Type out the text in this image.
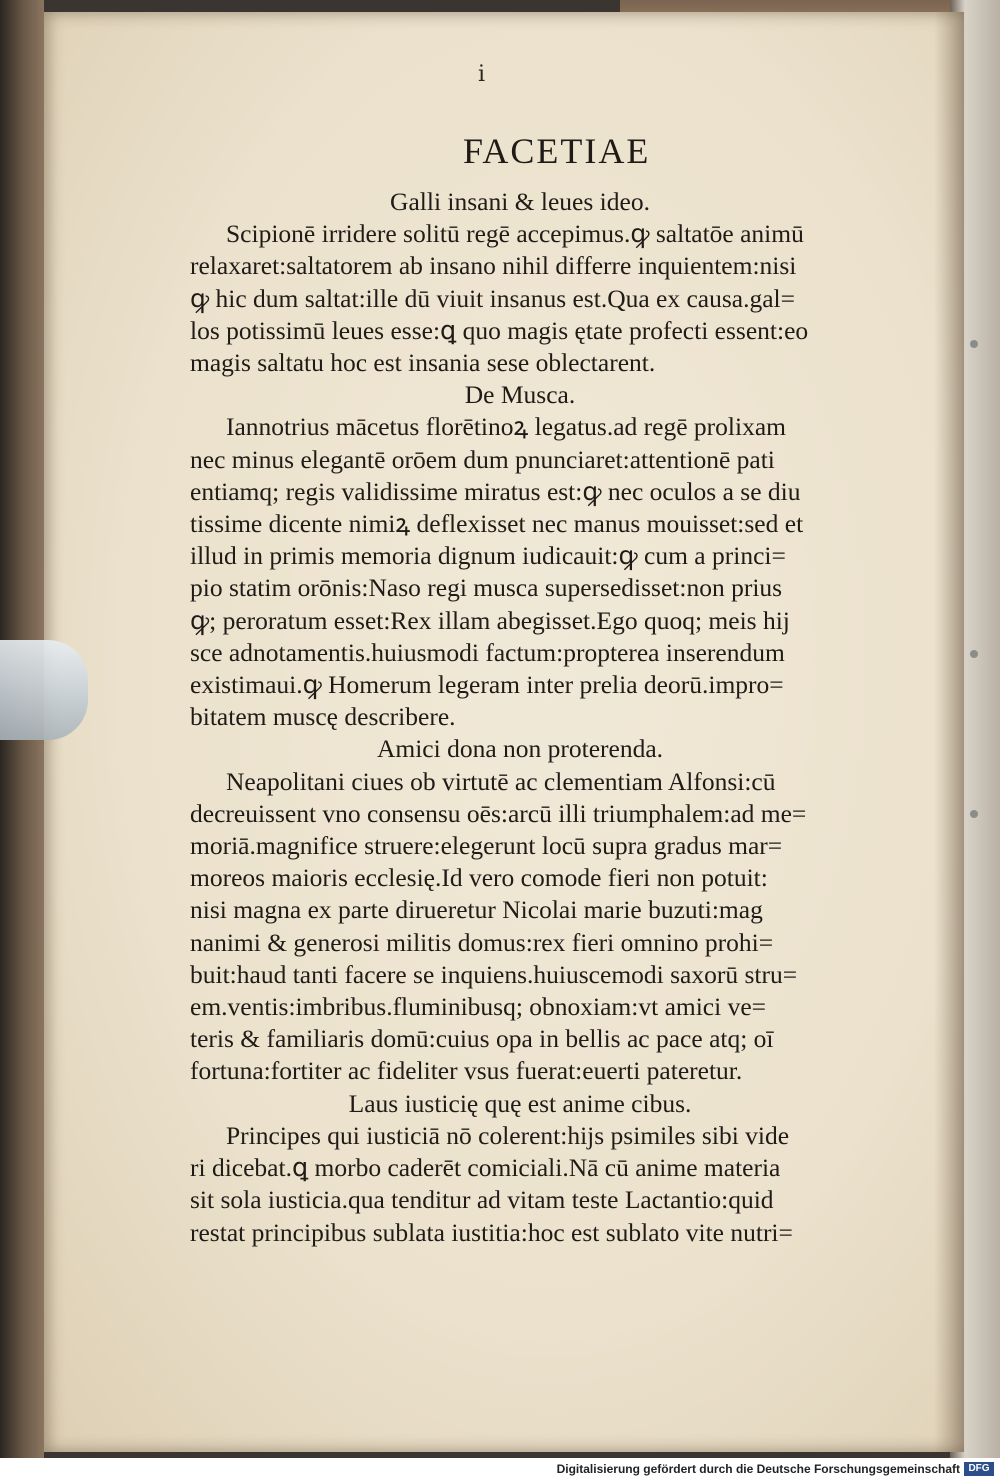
i
FACETIAE
Galli insani & leues ideo.
Scipionē irridere solitū regē accepimus.ꝙ saltatōe animū
relaxaret:saltatorem ab insano nihil differre inquientem:nisi
ꝙ hic dum saltat:ille dū viuit insanus est.Qua ex causa.gal=
los potissimū leues esse:ꝗ quo magis ętate profecti essent:eo
magis saltatu hoc est insania sese oblectarent.
De Musca.
Iannotrius mācetus florētinoꝝ legatus.ad regē prolixam
nec minus elegantē orōem dum pnunciaret:attentionē pati
entiamq; regis validissime miratus est:ꝙ nec oculos a se diu
tissime dicente nimiꝝ deflexisset nec manus mouisset:sed et
illud in primis memoria dignum iudicauit:ꝙ cum a princi=
pio statim orōnis:Naso regi musca supersedisset:non prius
ꝙ; peroratum esset:Rex illam abegisset.Ego quoq; meis hij
sce adnotamentis.huiusmodi factum:propterea inserendum
existimaui.ꝙ Homerum legeram inter prelia deorū.impro=
bitatem muscę describere.
Amici dona non proterenda.
Neapolitani ciues ob virtutē ac clementiam Alfonsi:cū
decreuissent vno consensu oēs:arcū illi triumphalem:ad me=
moriā.magnifice struere:elegerunt locū supra gradus mar=
moreos maioris ecclesię.Id vero comode fieri non potuit:
nisi magna ex parte dirueretur Nicolai marie buzuti:mag
nanimi & generosi militis domus:rex fieri omnino prohi=
buit:haud tanti facere se inquiens.huiuscemodi saxorū stru=
em.ventis:imbribus.fluminibusq; obnoxiam:vt amici ve=
teris & familiaris domū:cuius opa in bellis ac pace atq; oī
fortuna:fortiter ac fideliter vsus fuerat:euerti pateretur.
Laus iusticię quę est anime cibus.
Principes qui iusticiā nō colerent:hijs psimiles sibi vide
ri dicebat.ꝗ morbo caderēt comiciali.Nā cū anime materia
sit sola iusticia.qua tenditur ad vitam teste Lactantio:quid
restat principibus sublata iustitia:hoc est sublato vite nutri=
Digitalisierung gefördert durch die Deutsche Forschungsgemeinschaft DFG
